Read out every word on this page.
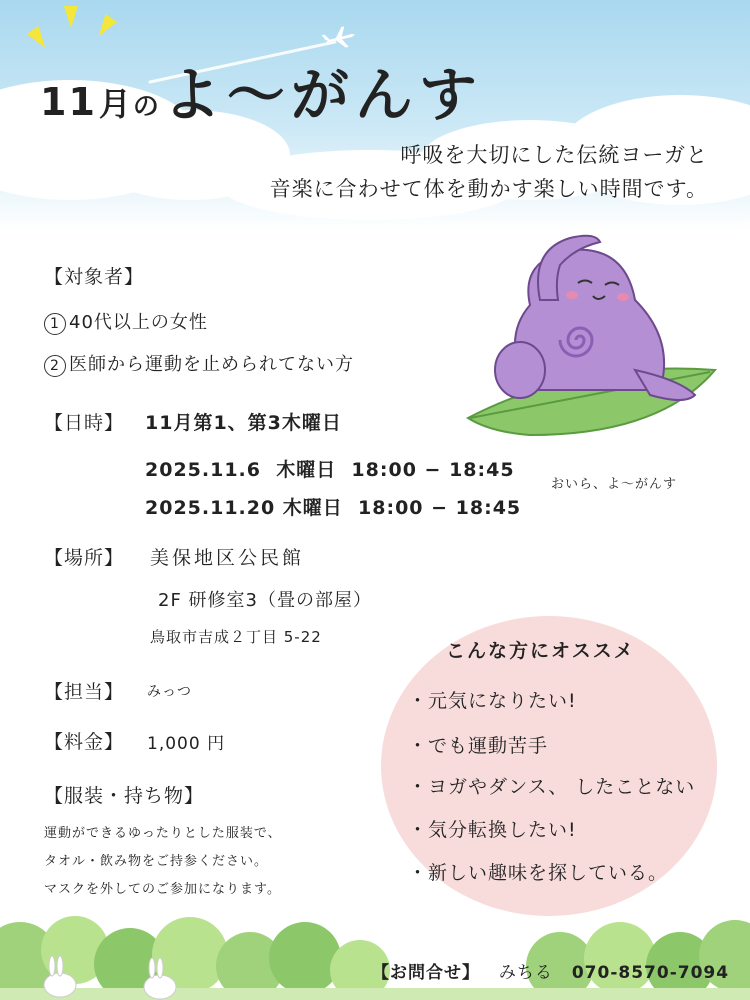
11 月 の よ〜がんす
呼吸を大切にした伝統ヨーガと
音楽に合わせて体を動かす楽しい時間です。
【対象者】
1 40代以上の女性
2 医師から運動を止められてない方
【日時】 11月第1、第3木曜日
2025.11.6  木曜日  18:00 − 18:45
2025.11.20 木曜日  18:00 − 18:45
【場所】 美保地区公民館
2F 研修室3（畳の部屋）
鳥取市吉成２丁目 5-22
【担当】 みっつ
【料金】 1,000 円
【服装・持ち物】
運動ができるゆったりとした服装で、
タオル・飲み物をご持参ください。
マスクを外してのご参加になります。
おいら、よ〜がんす
こんな方にオススメ
・元気になりたい!
・でも運動苦手
・ヨガやダンス、 したことない
・気分転換したい!
・新しい趣味を探している。
【お問合せ】 みちる 070-8570-7094
